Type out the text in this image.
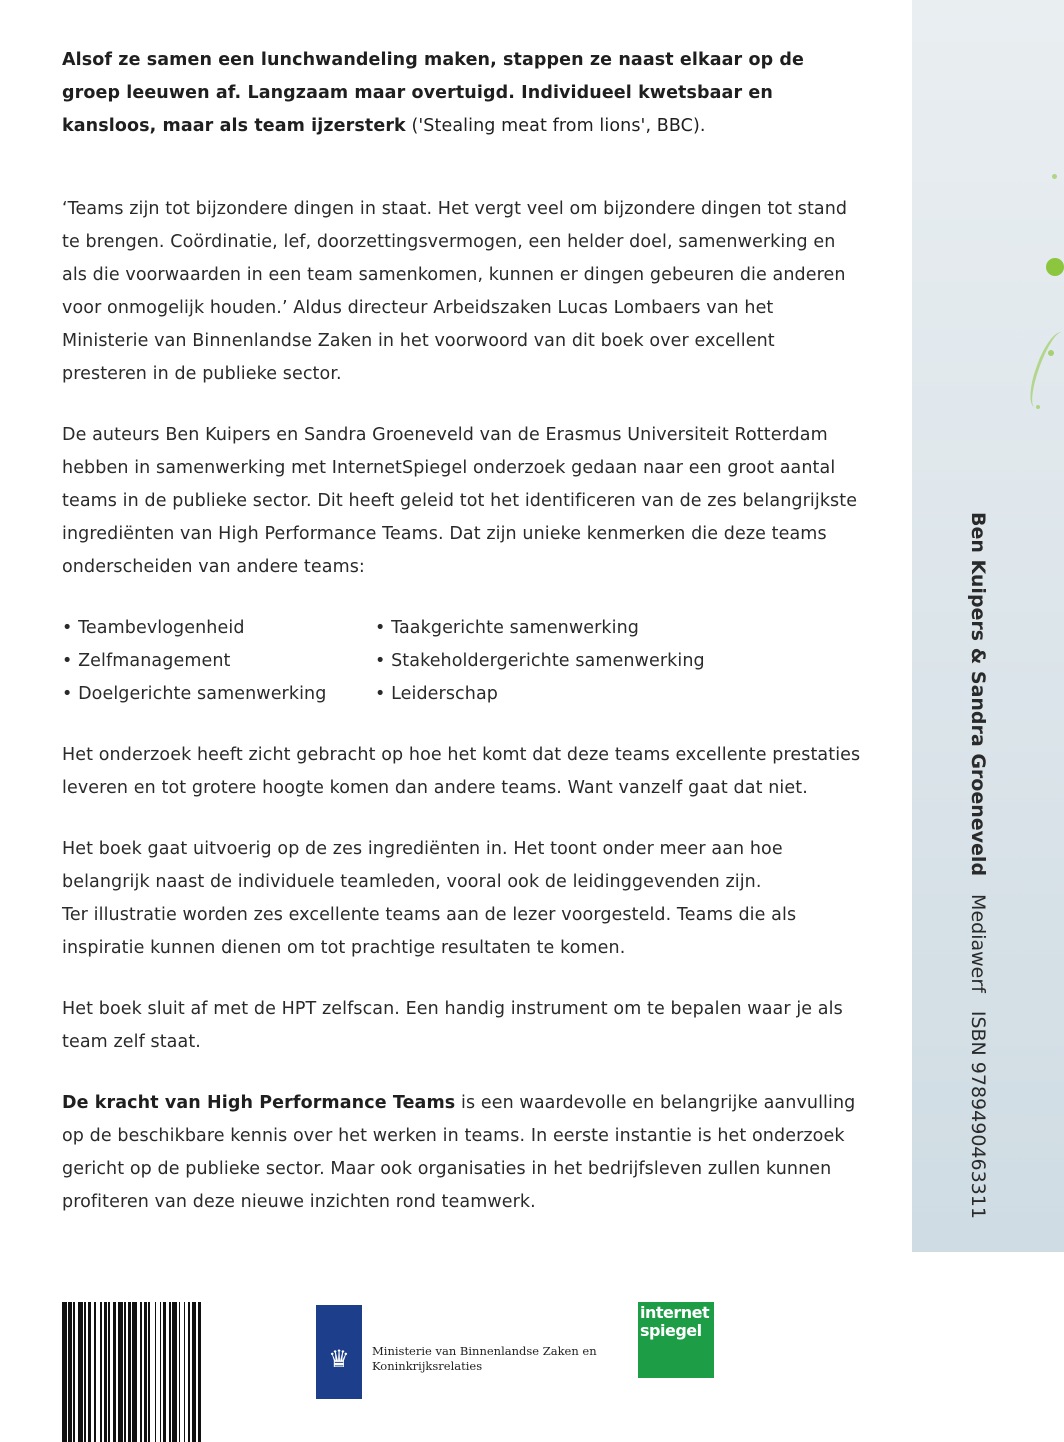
Alsof ze samen een lunchwandeling maken, stappen ze naast elkaar op de groep leeuwen af. Langzaam maar overtuigd. Individueel kwetsbaar en kansloos, maar als team ijzersterk ('Stealing meat from lions', BBC).

‘Teams zijn tot bijzondere dingen in staat. Het vergt veel om bijzondere dingen tot stand te brengen. Coördinatie, lef, doorzettingsvermogen, een helder doel, samenwerking en als die voorwaarden in een team samenkomen, kunnen er dingen gebeuren die anderen voor onmogelijk houden.’ Aldus directeur Arbeidszaken Lucas Lombaers van het Ministerie van Binnenlandse Zaken in het voorwoord van dit boek over excellent presteren in de publieke sector.

De auteurs Ben Kuipers en Sandra Groeneveld van de Erasmus Universiteit Rotterdam hebben in samenwerking met InternetSpiegel onderzoek gedaan naar een groot aantal teams in de publieke sector. Dit heeft geleid tot het identificeren van de zes belangrijkste ingrediënten van High Performance Teams. Dat zijn unieke kenmerken die deze teams onderscheiden van andere teams:

• Teambevlogenheid	• Taakgerichte samenwerking
• Zelfmanagement	• Stakeholdergerichte samenwerking
• Doelgerichte samenwerking	• Leiderschap

Het onderzoek heeft zicht gebracht op hoe het komt dat deze teams excellente prestaties leveren en tot grotere hoogte komen dan andere teams. Want vanzelf gaat dat niet.

Het boek gaat uitvoerig op de zes ingrediënten in. Het toont onder meer aan hoe belangrijk naast de individuele teamleden, vooral ook de leidinggevenden zijn.
Ter illustratie worden zes excellente teams aan de lezer voorgesteld. Teams die als inspiratie kunnen dienen om tot prachtige resultaten te komen.

Het boek sluit af met de HPT zelfscan. Een handig instrument om te bepalen waar je als team zelf staat.

De kracht van High Performance Teams is een waardevolle en belangrijke aanvulling op de beschikbare kennis over het werken in teams. In eerste instantie is het onderzoek gericht op de publieke sector. Maar ook organisaties in het bedrijfsleven zullen kunnen profiteren van deze nieuwe inzichten rond teamwerk.

Ben Kuipers & Sandra GroeneveldMediawerfISBN 9789490463311
♛	Ministerie van Binnenlandse Zaken en Koninkrijksrelaties
internet
spiegel
